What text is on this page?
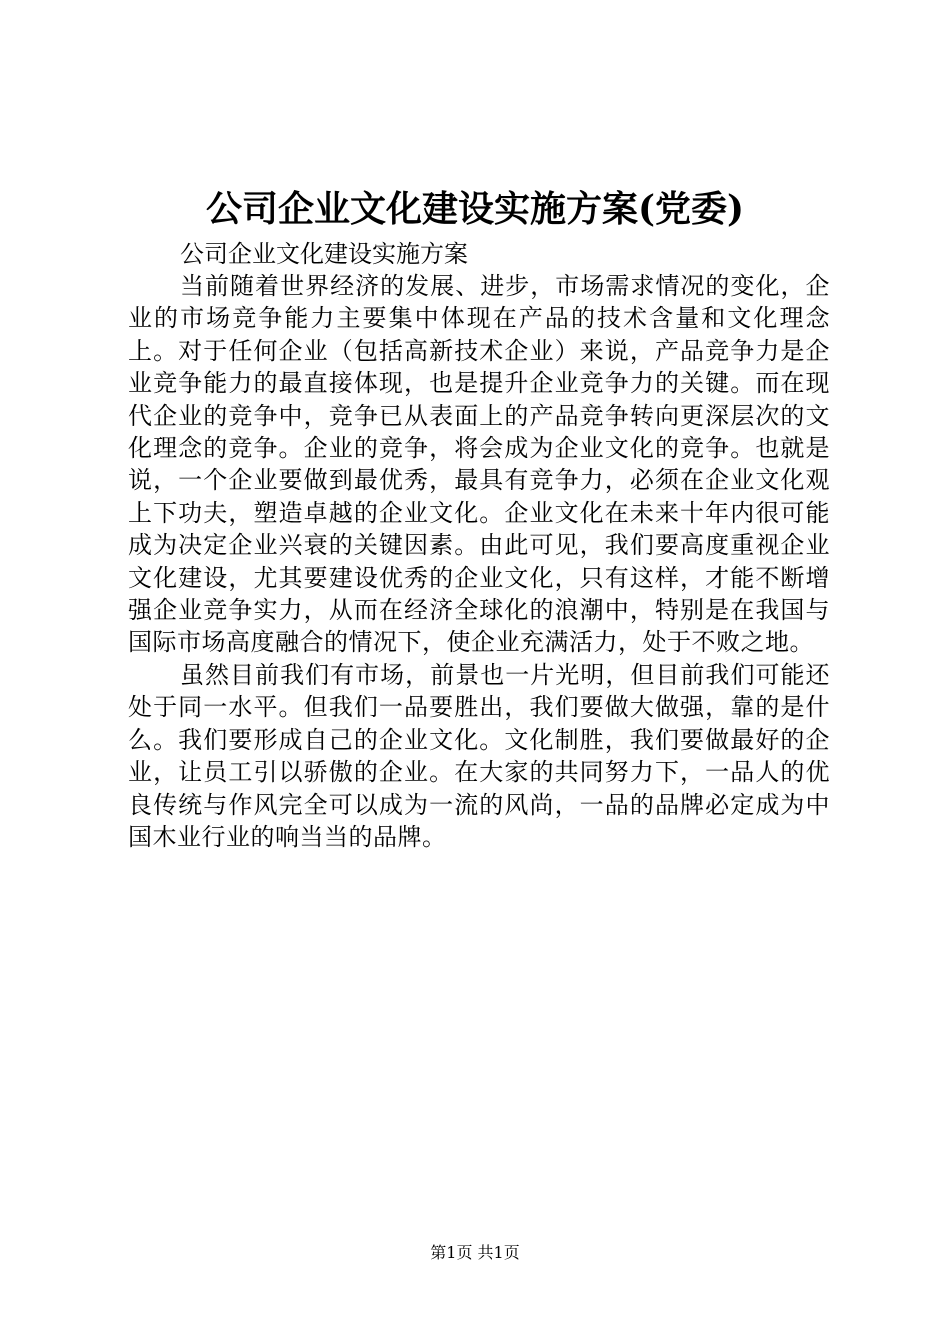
公司企业文化建设实施方案(党委)

公司企业文化建设实施方案

当前随着世界经济的发展、进步，市场需求情况的变化，企业的市场竞争能力主要集中体现在产品的技术含量和文化理念上。对于任何企业（包括高新技术企业）来说，产品竞争力是企业竞争能力的最直接体现，也是提升企业竞争力的关键。而在现代企业的竞争中，竞争已从表面上的产品竞争转向更深层次的文化理念的竞争。企业的竞争，将会成为企业文化的竞争。也就是说，一个企业要做到最优秀，最具有竞争力，必须在企业文化观上下功夫，塑造卓越的企业文化。企业文化在未来十年内很可能成为决定企业兴衰的关键因素。由此可见，我们要高度重视企业文化建设，尤其要建设优秀的企业文化，只有这样，才能不断增强企业竞争实力，从而在经济全球化的浪潮中，特别是在我国与国际市场高度融合的情况下，使企业充满活力，处于不败之地。

虽然目前我们有市场，前景也一片光明，但目前我们可能还处于同一水平。但我们一品要胜出，我们要做大做强，靠的是什么。我们要形成自己的企业文化。文化制胜，我们要做最好的企业，让员工引以骄傲的企业。在大家的共同努力下，一品人的优良传统与作风完全可以成为一流的风尚，一品的品牌必定成为中国木业行业的响当当的品牌。

第1页 共1页
